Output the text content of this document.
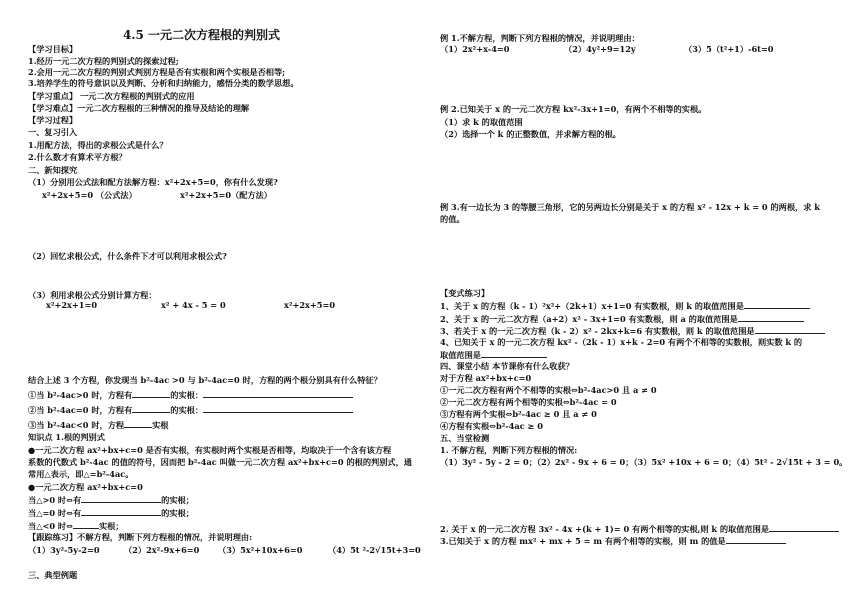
4.5 一元二次方程根的判别式
【学习目标】
1.经历一元二次方程的判别式的探索过程;
2.会用一元二次方程的判别式判别方程是否有实根和两个实根是否相等;
3.培养学生的符号意识以及判断、分析和归纳能力，感悟分类的数学思想。
【学习重点】 一元二次方程根的判别式的应用
【学习难点】一元二次方程根的三种情况的推导及结论的理解
【学习过程】
一、复习引入
1.用配方法，得出的求根公式是什么？
2.什么数才有算术平方根？
二、新知探究
（1）分别用公式法和配方法解方程：x²+2x+5=0，你有什么发现?
x²+2x+5=0 （公式法）	x²+2x+5=0（配方法）
（2）回忆求根公式，什么条件下才可以利用求根公式?
（3）利用求根公式分别计算方程：
x²+2x+1=0	x² + 4x - 5 = 0	x²+2x+5=0
结合上述 3 个方程，你发现当 b²-4ac >0 与 b²-4ac=0 时，方程的两个根分别具有什么特征？
①当 b²-4ac>0 时，方程有	的实根：
②当 b²-4ac=0 时，方程有	的实根：
③当 b²-4ac<0 时，方程	实根
知识点 1.根的判别式
●一元二次方程 ax²+bx+c=0 是否有实根，有实根时两个实根是否相等，均取决于一个含有该方程
系数的代数式 b²-4ac 的值的符号，因而把 b²-4ac 叫做一元二次方程 ax²+bx+c=0 的根的判别式，通
常用△表示，即△=b²-4ac。
●一元二次方程 ax²+bx+c=0
当△>0 时⇔有	的实根；
当△=0 时⇔有	的实根；
当△<0 时⇔	实根；
【跟踪练习】不解方程，判断下列方程根的情况，并说明理由:
（1）3y²-5y-2=0	（2）2x²-9x+6=0 （3）5x²+10x+6=0	（4）5t ²-2√15t+3=0
三、典型例题
例 1.不解方程，判断下列方程根的情况，并说明理由：
（1）2x²+x-4=0	（2）4y²+9=12y	（3）5（t²+1）-6t=0
例 2.已知关于 x 的一元二次方程 kx²-3x+1=0，有两个不相等的实根。
（1）求 k 的取值范围
（2）选择一个 k 的正整数值，并求解方程的根。
例 3.有一边长为 3 的等腰三角形，它的另两边长分别是关于 x 的方程 x² - 12x + k = 0 的两根，求 k
的值。
【变式练习】
1、关于 x 的方程（k - 1）²x²+（2k+1）x+1=0 有实数根，则 k 的取值范围是
2、关于 x 的一元二次方程（a+2）x² - 3x+1=0 有实数根，则 a 的取值范围是
3、若关于 x 的一元二次方程（k - 2）x² - 2kx+k=6 有实数根，则 k 的取值范围是
4、已知关于 x 的一元二次方程 kx² -（2k - 1）x+k - 2=0 有两个不相等的实数根，则实数 k 的
取值范围是
四、课堂小结 本节课你有什么收获？
对于方程 ax²+bx+c=0
①一元二次方程有两个不相等的实根⇔b²-4ac>0 且 a ≠ 0
②一元二次方程有两个相等的实根⇔b²-4ac = 0
③方程有两个实根⇔b²-4ac ≥ 0 且 a ≠ 0
④方程有实根⇔b²-4ac ≥ 0
五、当堂检测
1. 不解方程，判断下列方程根的情况:
（1）3y² - 5y - 2 = 0；（2）2x² - 9x + 6 = 0；（3）5x² +10x + 6 = 0；（4）5t² - 2√15t + 3 = 0。
2. 关于 x 的一元二次方程 3x² - 4x +(k + 1)= 0 有两个相等的实根,则 k 的取值范围是
3.已知关于 x 的方程 mx² + mx + 5 = m 有两个相等的实根，则 m 的值是
